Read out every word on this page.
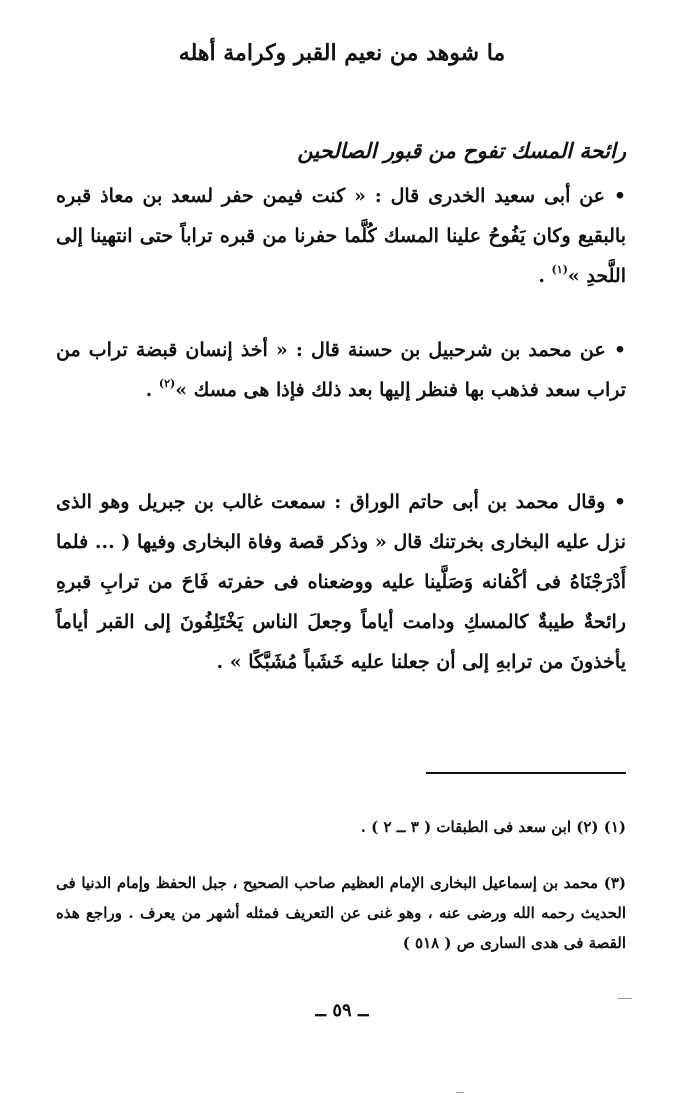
ما شوهد من نعيم القبر وكرامة أهله
رائحة المسك تفوح من قبور الصالحين
• عن أبى سعيد الخدرى قال : « كنت فيمن حفر لسعد بن معاذ قبره بالبقيع وكان يَفُوحُ علينا المسك كُلَّما حفرنا من قبره تراباً حتى انتهينا إلى اللَّحدِ »$^{(١)}$ .
• عن محمد بن شرحبيل بن حسنة قال : « أخذ إنسان قبضة تراب من تراب سعد فذهب بها فنظر إليها بعد ذلك فإذا هى مسك »$^{(٢)}$ .
• وقال محمد بن أبى حاتم الوراق : سمعت غالب بن جبريل وهو الذى نزل عليه البخارى بخرتنك قال « وذكر قصة وفاة البخارى وفيها ( ... فلما أَدْرَجْنَاهُ فى أكْفانه وَصَلَّينا عليه ووضعناه فى حفرته فَاحَ من ترابِ قبرهِ رائحةٌ طيبةٌ كالمسكِ ودامت أياماً وجعلَ الناس يَخْتَلِفُونَ إلى القبر أياماً يأخذونَ من ترابهِ إلى أن جعلنا عليه خَشَباً مُشَبَّكًا » .
(١) (٢) ابن سعد فى الطبقات ( ٣ ــ ٢ ) .
(٣) محمد بن إسماعيل البخارى الإمام العظيم صاحب الصحيح ، جبل الحفظ وإمام الدنيا فى الحديث رحمه الله ورضى عنه ، وهو غنى عن التعريف فمثله أشهر من يعرف . وراجع هذه القصة فى هدى السارى ص ( ٥١٨ )
ــ ٥٩ ــ
